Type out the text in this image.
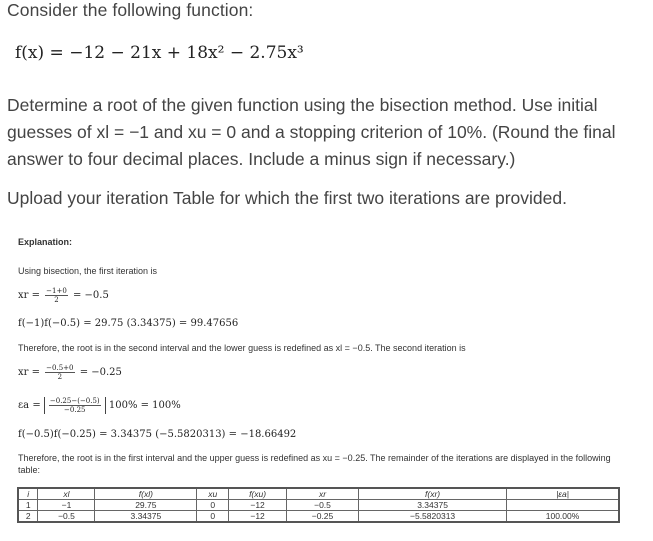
Consider the following function:
f(x) = −12 − 21x + 18x² − 2.75x³
Determine a root of the given function using the bisection method. Use initial guesses of xl = −1 and xu = 0 and a stopping criterion of 10%. (Round the final answer to four decimal places. Include a minus sign if necessary.)
Upload your iteration Table for which the first two iterations are provided.
Explanation:
Using bisection, the first iteration is
xr = $\frac{-1+0}{2} = -0.5$
f(−1)f(−0.5) = 29.75 (3.34375) = 99.47656
Therefore, the root is in the second interval and the lower guess is redefined as xl = −0.5. The second iteration is
xr = $\frac{-0.5+0}{2} = -0.25$
$\varepsilon a = \frac{-0.25-(-0.5)}{-0.25} 100\% = 100\%$
f(−0.5)f(−0.25) = 3.34375 (−5.5820313) = −18.66492
Therefore, the root is in the first interval and the upper guess is redefined as xu = −0.25. The remainder of the iterations are displayed in the following table:
i	xl	f(xl)	xu	f(xu)	xr	f(xr)	|εa|
1	−1	29.75	0	−12	−0.5	3.34375	
2	−0.5	3.34375	0	−12	−0.25	−5.5820313	100.00%
